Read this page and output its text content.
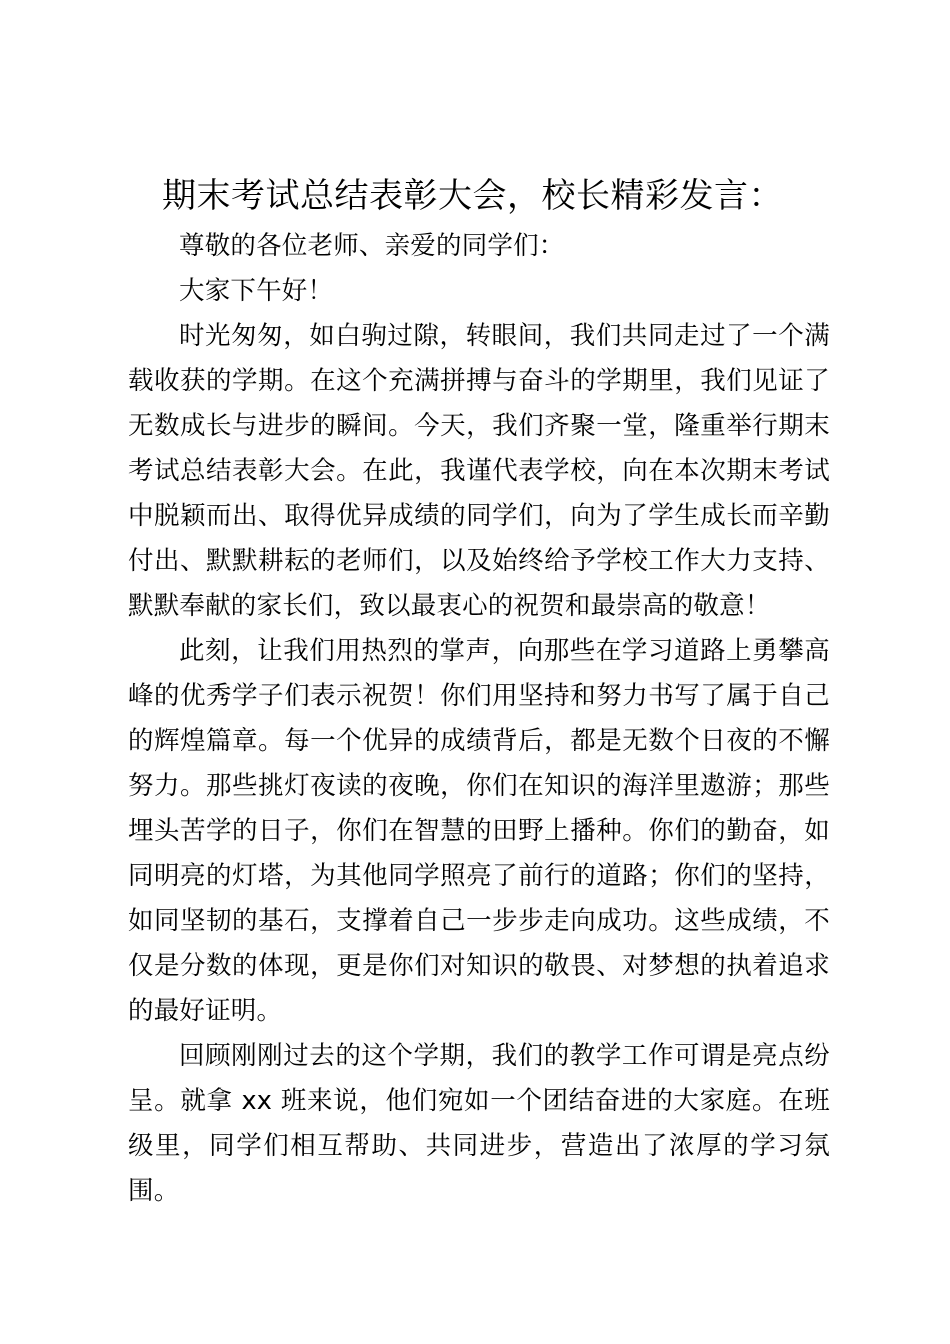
期末考试总结表彰大会，校长精彩发言：

尊敬的各位老师、亲爱的同学们：

大家下午好！

时光匆匆，如白驹过隙，转眼间，我们共同走过了一个满载收获的学期。在这个充满拼搏与奋斗的学期里，我们见证了无数成长与进步的瞬间。今天，我们齐聚一堂，隆重举行期末考试总结表彰大会。在此，我谨代表学校，向在本次期末考试中脱颖而出、取得优异成绩的同学们，向为了学生成长而辛勤付出、默默耕耘的老师们，以及始终给予学校工作大力支持、默默奉献的家长们，致以最衷心的祝贺和最崇高的敬意！

此刻，让我们用热烈的掌声，向那些在学习道路上勇攀高峰的优秀学子们表示祝贺！你们用坚持和努力书写了属于自己的辉煌篇章。每一个优异的成绩背后，都是无数个日夜的不懈努力。那些挑灯夜读的夜晚，你们在知识的海洋里遨游；那些埋头苦学的日子，你们在智慧的田野上播种。你们的勤奋，如同明亮的灯塔，为其他同学照亮了前行的道路；你们的坚持，如同坚韧的基石，支撑着自己一步步走向成功。这些成绩，不仅是分数的体现，更是你们对知识的敬畏、对梦想的执着追求的最好证明。

回顾刚刚过去的这个学期，我们的教学工作可谓是亮点纷呈。就拿 xx 班来说，他们宛如一个团结奋进的大家庭。在班级里，同学们相互帮助、共同进步，营造出了浓厚的学习氛围。
